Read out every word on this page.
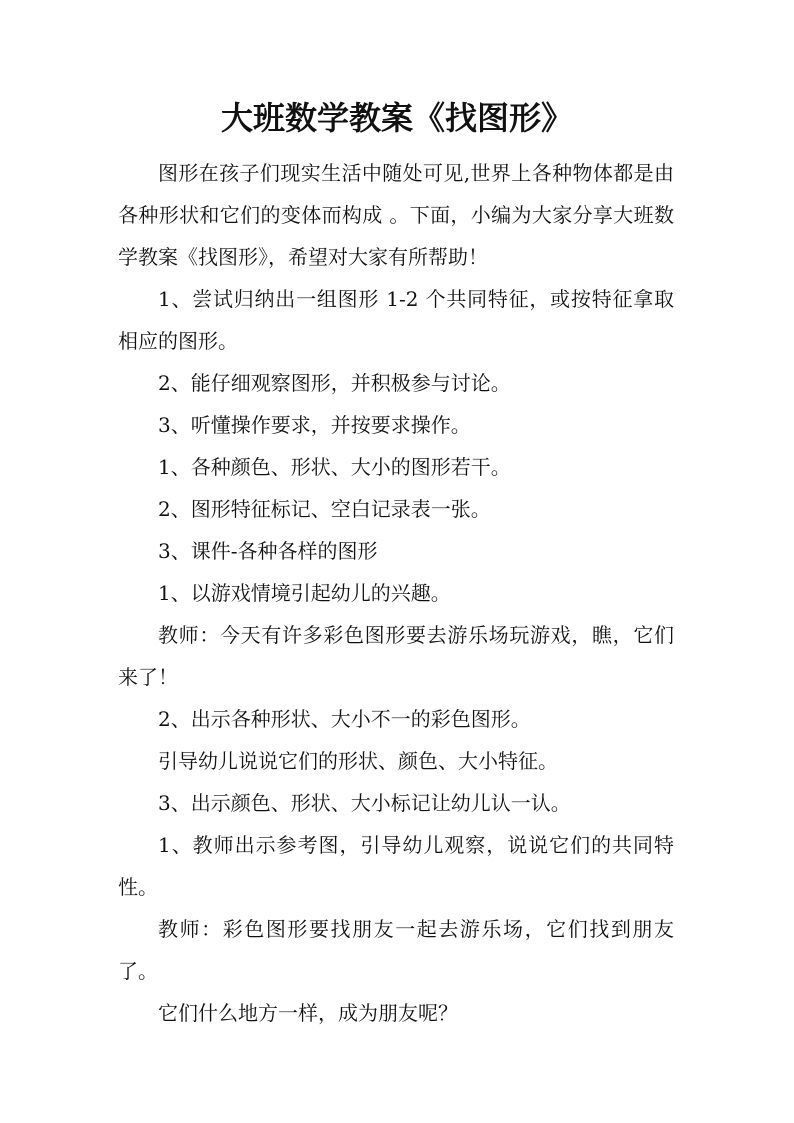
大班数学教案《找图形》

图形在孩子们现实生活中随处可见,世界上各种物体都是由各种形状和它们的变体而构成 。下面，小编为大家分享大班数学教案《找图形》，希望对大家有所帮助！

1、尝试归纳出一组图形 1-2 个共同特征，或按特征拿取相应的图形。

2、能仔细观察图形，并积极参与讨论。

3、听懂操作要求，并按要求操作。

1、各种颜色、形状、大小的图形若干。

2、图形特征标记、空白记录表一张。

3、课件-各种各样的图形

1、以游戏情境引起幼儿的兴趣。

教师：今天有许多彩色图形要去游乐场玩游戏，瞧，它们来了！

2、出示各种形状、大小不一的彩色图形。

引导幼儿说说它们的形状、颜色、大小特征。

3、出示颜色、形状、大小标记让幼儿认一认。

1、教师出示参考图，引导幼儿观察，说说它们的共同特性。

教师：彩色图形要找朋友一起去游乐场，它们找到朋友了。

它们什么地方一样，成为朋友呢？
